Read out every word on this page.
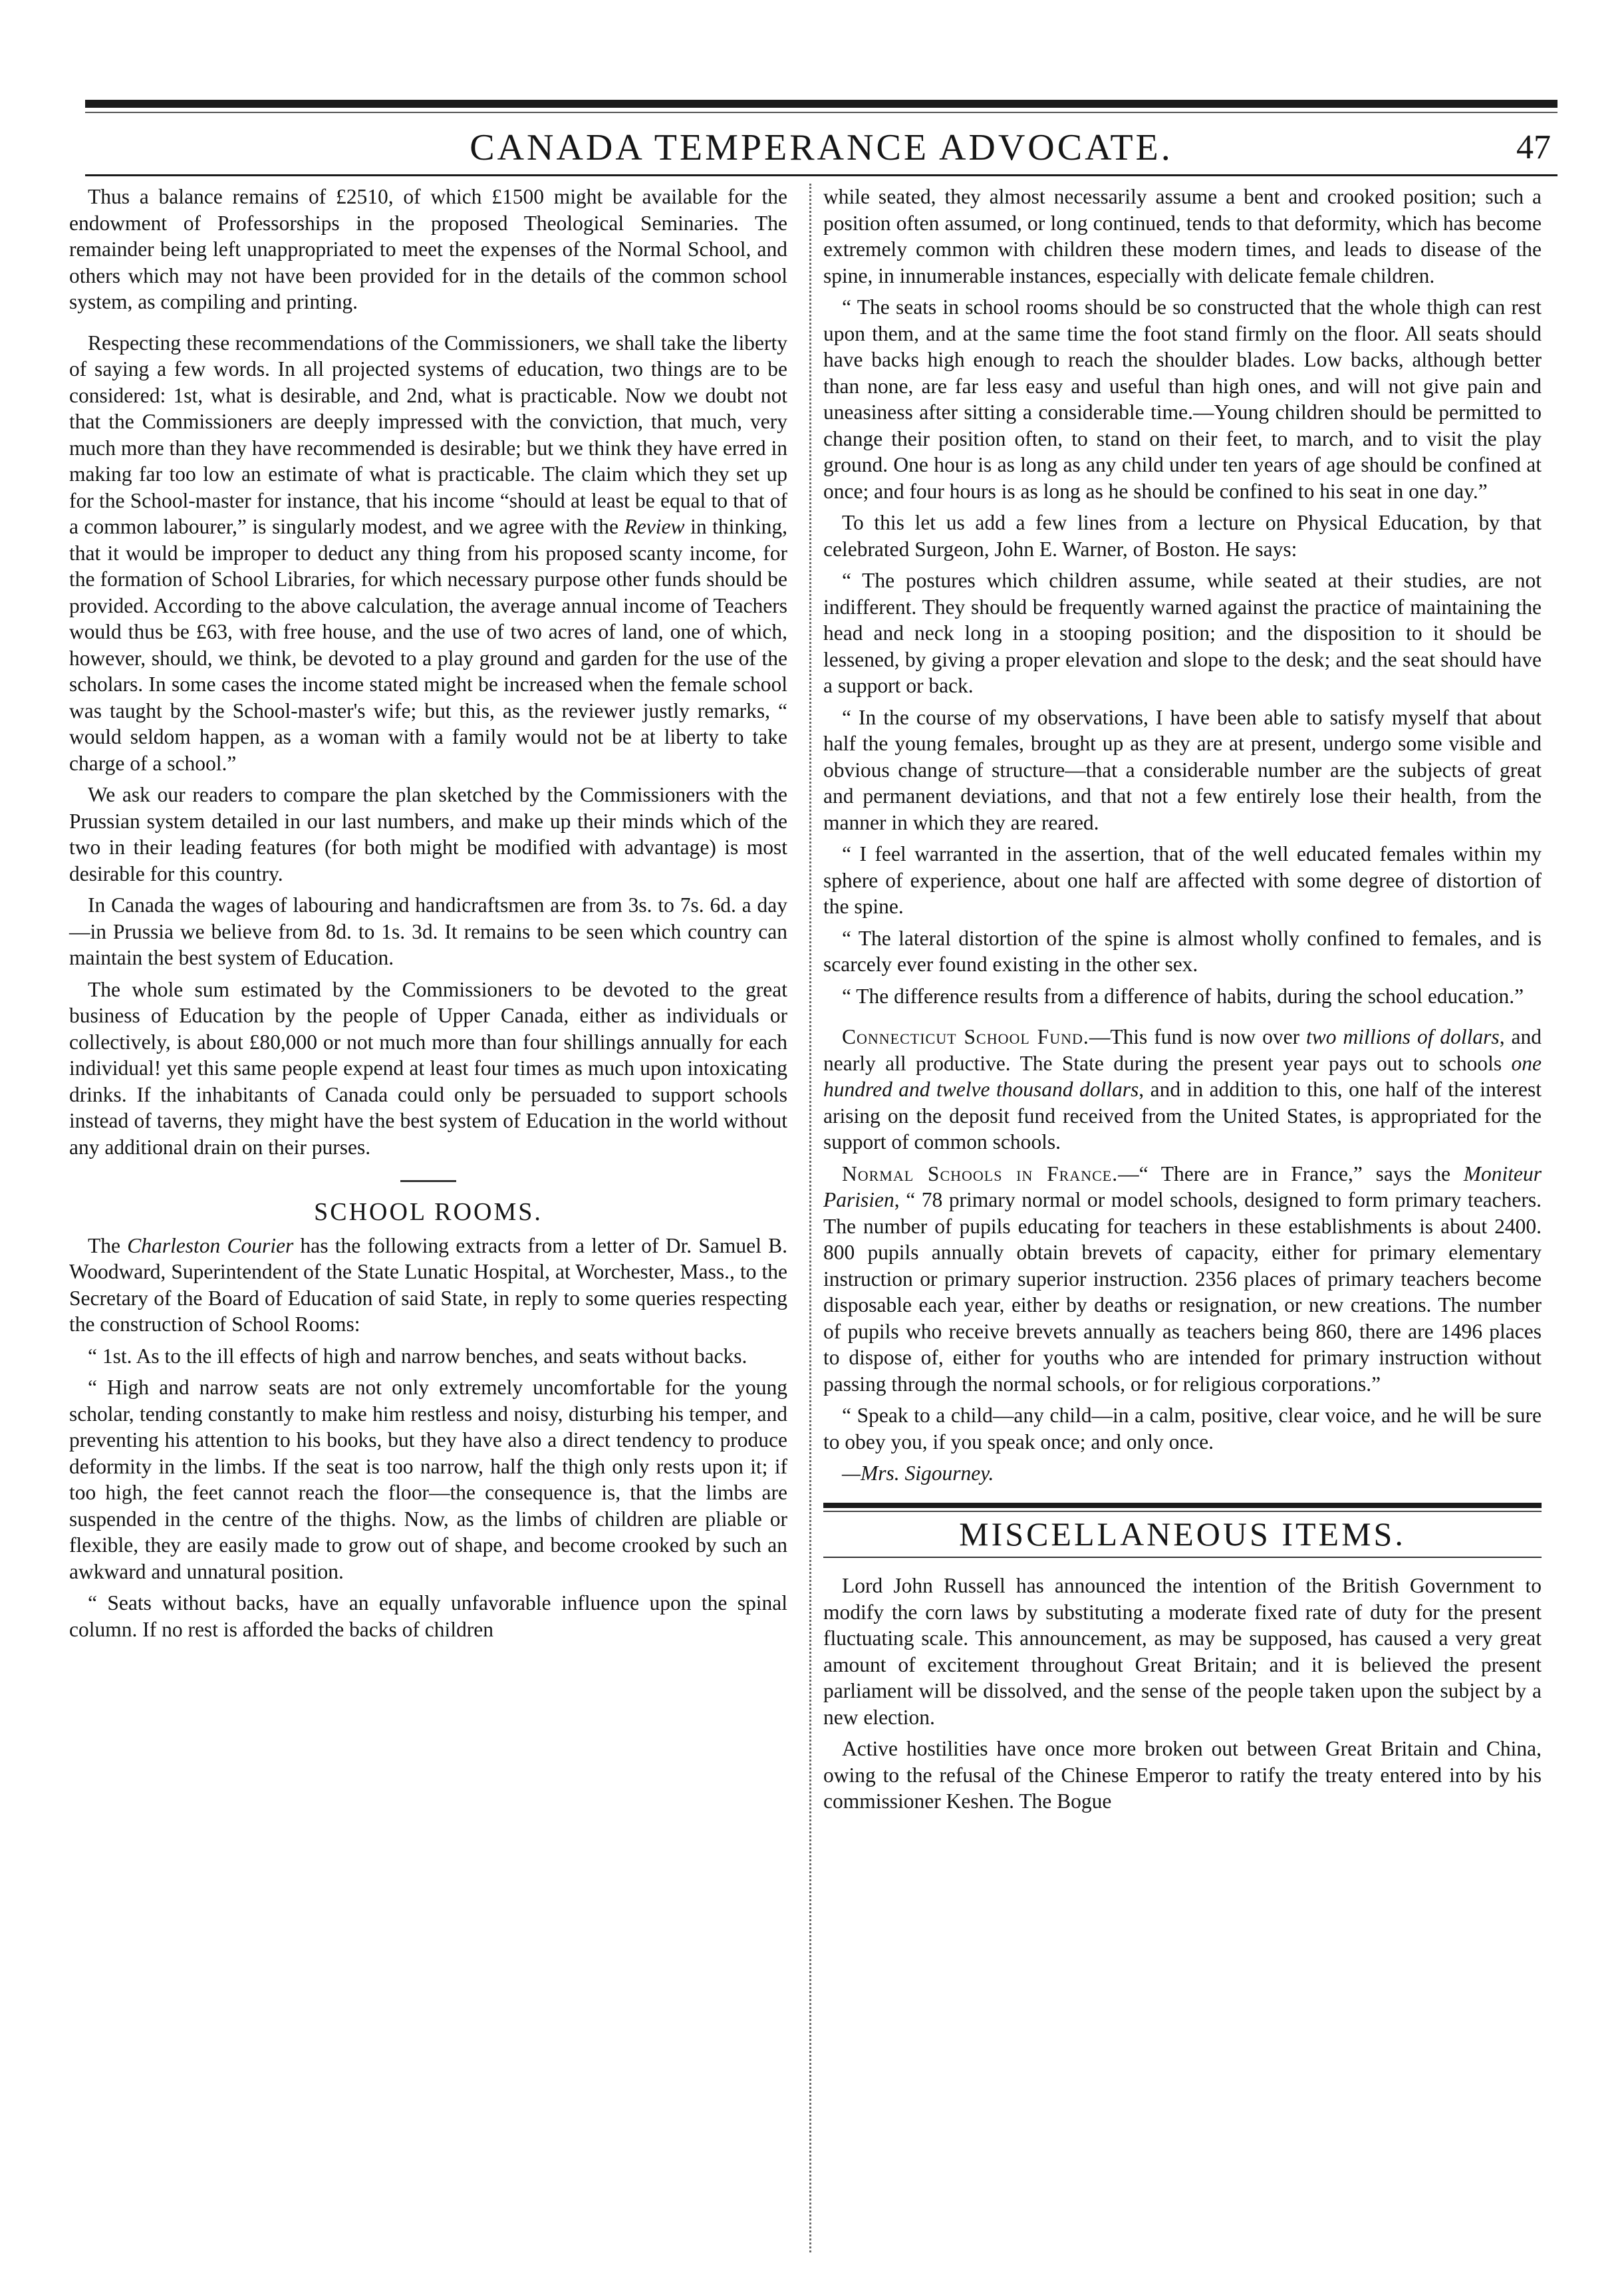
CANADA TEMPERANCE ADVOCATE.	47

Thus a balance remains of £2510, of which £1500 might be available for the endowment of Professorships in the proposed Theological Seminaries. The remainder being left unappropriated to meet the expenses of the Normal School, and others which may not have been provided for in the details of the common school system, as compiling and printing.

Respecting these recommendations of the Commissioners, we shall take the liberty of saying a few words. In all projected systems of education, two things are to be considered: 1st, what is desirable, and 2nd, what is practicable. Now we doubt not that the Commissioners are deeply impressed with the conviction, that much, very much more than they have recommended is desirable; but we think they have erred in making far too low an estimate of what is practicable. The claim which they set up for the School-master for instance, that his income “should at least be equal to that of a common labourer,” is singularly modest, and we agree with the Review in thinking, that it would be improper to deduct any thing from his proposed scanty income, for the formation of School Libraries, for which necessary purpose other funds should be provided. According to the above calculation, the average annual income of Teachers would thus be £63, with free house, and the use of two acres of land, one of which, however, should, we think, be devoted to a play ground and garden for the use of the scholars. In some cases the income stated might be increased when the female school was taught by the School-master's wife; but this, as the reviewer justly remarks, “ would seldom happen, as a woman with a family would not be at liberty to take charge of a school.”

We ask our readers to compare the plan sketched by the Commissioners with the Prussian system detailed in our last numbers, and make up their minds which of the two in their leading features (for both might be modified with advantage) is most desirable for this country.

In Canada the wages of labouring and handicraftsmen are from 3s. to 7s. 6d. a day—in Prussia we believe from 8d. to 1s. 3d. It remains to be seen which country can maintain the best system of Education.

The whole sum estimated by the Commissioners to be devoted to the great business of Education by the people of Upper Canada, either as individuals or collectively, is about £80,000 or not much more than four shillings annually for each individual! yet this same people expend at least four times as much upon intoxicating drinks. If the inhabitants of Canada could only be persuaded to support schools instead of taverns, they might have the best system of Education in the world without any additional drain on their purses.

SCHOOL ROOMS.

The Charleston Courier has the following extracts from a letter of Dr. Samuel B. Woodward, Superintendent of the State Lunatic Hospital, at Worchester, Mass., to the Secretary of the Board of Education of said State, in reply to some queries respecting the construction of School Rooms:

“ 1st. As to the ill effects of high and narrow benches, and seats without backs.

“ High and narrow seats are not only extremely uncomfortable for the young scholar, tending constantly to make him restless and noisy, disturbing his temper, and preventing his attention to his books, but they have also a direct tendency to produce deformity in the limbs. If the seat is too narrow, half the thigh only rests upon it; if too high, the feet cannot reach the floor—the consequence is, that the limbs are suspended in the centre of the thighs. Now, as the limbs of children are pliable or flexible, they are easily made to grow out of shape, and become crooked by such an awkward and unnatural position.

“ Seats without backs, have an equally unfavorable influence upon the spinal column. If no rest is afforded the backs of children

while seated, they almost necessarily assume a bent and crooked position; such a position often assumed, or long continued, tends to that deformity, which has become extremely common with children these modern times, and leads to disease of the spine, in innumerable instances, especially with delicate female children.

“ The seats in school rooms should be so constructed that the whole thigh can rest upon them, and at the same time the foot stand firmly on the floor. All seats should have backs high enough to reach the shoulder blades. Low backs, although better than none, are far less easy and useful than high ones, and will not give pain and uneasiness after sitting a considerable time.—Young children should be permitted to change their position often, to stand on their feet, to march, and to visit the play ground. One hour is as long as any child under ten years of age should be confined at once; and four hours is as long as he should be confined to his seat in one day.”

To this let us add a few lines from a lecture on Physical Education, by that celebrated Surgeon, John E. Warner, of Boston. He says:

“ The postures which children assume, while seated at their studies, are not indifferent. They should be frequently warned against the practice of maintaining the head and neck long in a stooping position; and the disposition to it should be lessened, by giving a proper elevation and slope to the desk; and the seat should have a support or back.

“ In the course of my observations, I have been able to satisfy myself that about half the young females, brought up as they are at present, undergo some visible and obvious change of structure—that a considerable number are the subjects of great and permanent deviations, and that not a few entirely lose their health, from the manner in which they are reared.

“ I feel warranted in the assertion, that of the well educated females within my sphere of experience, about one half are affected with some degree of distortion of the spine.

“ The lateral distortion of the spine is almost wholly confined to females, and is scarcely ever found existing in the other sex.

“ The difference results from a difference of habits, during the school education.”

Connecticut School Fund.—This fund is now over two millions of dollars, and nearly all productive. The State during the present year pays out to schools one hundred and twelve thousand dollars, and in addition to this, one half of the interest arising on the deposit fund received from the United States, is appropriated for the support of common schools.

Normal Schools in France.—“ There are in France,” says the Moniteur Parisien, “ 78 primary normal or model schools, designed to form primary teachers. The number of pupils educating for teachers in these establishments is about 2400. 800 pupils annually obtain brevets of capacity, either for primary elementary instruction or primary superior instruction. 2356 places of primary teachers become disposable each year, either by deaths or resignation, or new creations. The number of pupils who receive brevets annually as teachers being 860, there are 1496 places to dispose of, either for youths who are intended for primary instruction without passing through the normal schools, or for religious corporations.”

“ Speak to a child—any child—in a calm, positive, clear voice, and he will be sure to obey you, if you speak once; and only once.

—Mrs. Sigourney.
MISCELLANEOUS ITEMS.

Lord John Russell has announced the intention of the British Government to modify the corn laws by substituting a moderate fixed rate of duty for the present fluctuating scale. This announcement, as may be supposed, has caused a very great amount of excitement throughout Great Britain; and it is believed the present parliament will be dissolved, and the sense of the people taken upon the subject by a new election.

Active hostilities have once more broken out between Great Britain and China, owing to the refusal of the Chinese Emperor to ratify the treaty entered into by his commissioner Keshen. The Bogue
